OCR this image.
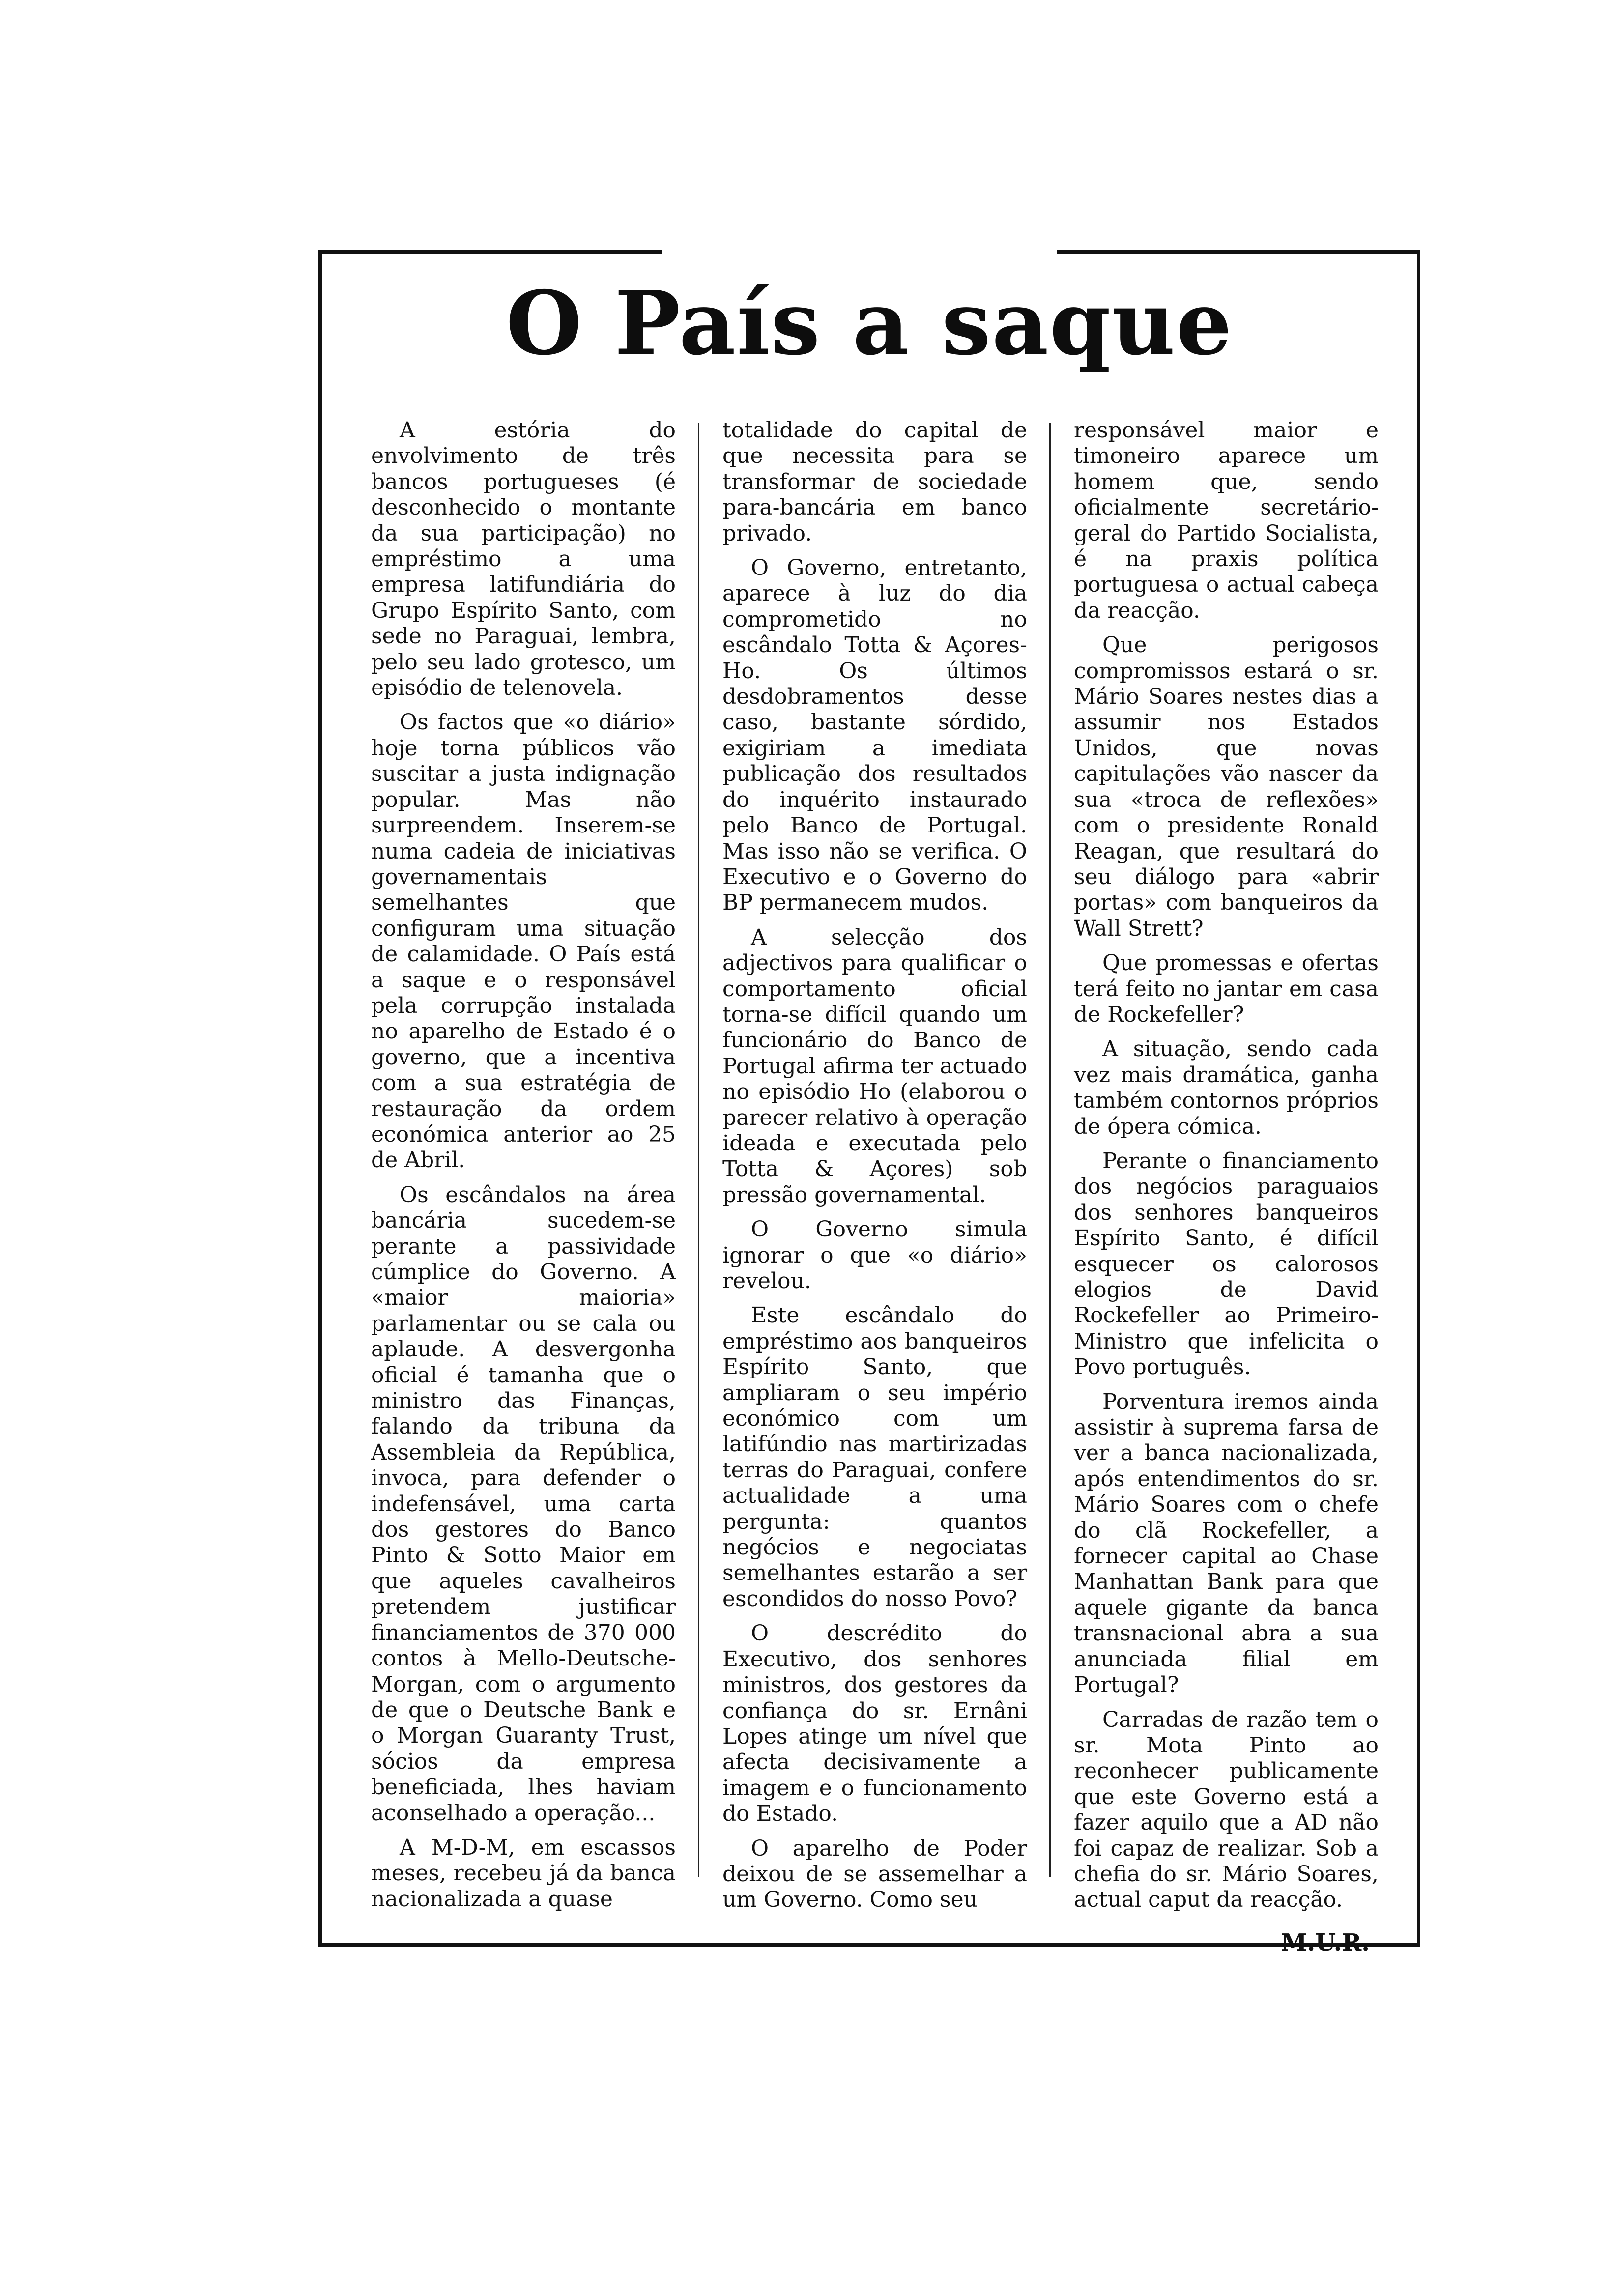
O País a saque

A estória do envolvimento de três bancos portugueses (é desconhecido o montante da sua participação) no empréstimo a uma empresa latifundiária do Grupo Espírito Santo, com sede no Paraguai, lembra, pelo seu lado grotesco, um episódio de telenovela.

Os factos que «o diário» hoje torna públicos vão suscitar a justa indignação popular. Mas não surpreendem. Inserem-se numa cadeia de iniciativas governamentais semelhantes que configuram uma situação de calamidade. O País está a saque e o responsável pela corrupção instalada no aparelho de Estado é o governo, que a incentiva com a sua estratégia de restauração da ordem económica anterior ao 25 de Abril.

Os escândalos na área bancária sucedem-se perante a passividade cúmplice do Governo. A «maior maioria» parlamentar ou se cala ou aplaude. A desvergonha oficial é tamanha que o ministro das Finanças, falando da tribuna da Assembleia da República, invoca, para defender o indefensável, uma carta dos gestores do Banco Pinto & Sotto Maior em que aqueles cavalheiros pretendem justificar financiamentos de 370 000 contos à Mello-Deutsche-Morgan, com o argumento de que o Deutsche Bank e o Morgan Guaranty Trust, sócios da empresa beneficiada, lhes haviam aconselhado a operação...

A M-D-M, em escassos meses, recebeu já da banca nacionalizada a quase

totalidade do capital de que necessita para se transformar de sociedade para-bancária em banco privado.

O Governo, entretanto, aparece à luz do dia comprometido no escândalo Totta & Açores-Ho. Os últimos desdobramentos desse caso, bastante sórdido, exigiriam a imediata publicação dos resultados do inquérito instaurado pelo Banco de Portugal. Mas isso não se verifica. O Executivo e o Governo do BP permanecem mudos.

A selecção dos adjectivos para qualificar o comportamento oficial torna-se difícil quando um funcionário do Banco de Portugal afirma ter actuado no episódio Ho (elaborou o parecer relativo à operação ideada e executada pelo Totta & Açores) sob pressão governamental.

O Governo simula ignorar o que «o diário» revelou.

Este escândalo do empréstimo aos banqueiros Espírito Santo, que ampliaram o seu império económico com um latifúndio nas martirizadas terras do Paraguai, confere actualidade a uma pergunta: quantos negócios e negociatas semelhantes estarão a ser escondidos do nosso Povo?

O descrédito do Executivo, dos senhores ministros, dos gestores da confiança do sr. Ernâni Lopes atinge um nível que afecta decisivamente a imagem e o funcionamento do Estado.

O aparelho de Poder deixou de se assemelhar a um Governo. Como seu

responsável maior e timoneiro aparece um homem que, sendo oficialmente secretário-geral do Partido Socialista, é na praxis política portuguesa o actual cabeça da reacção.

Que perigosos compromissos estará o sr. Mário Soares nestes dias a assumir nos Estados Unidos, que novas capitulações vão nascer da sua «troca de reflexões» com o presidente Ronald Reagan, que resultará do seu diálogo para «abrir portas» com banqueiros da Wall Strett?

Que promessas e ofertas terá feito no jantar em casa de Rockefeller?

A situação, sendo cada vez mais dramática, ganha também contornos próprios de ópera cómica.

Perante o financiamento dos negócios paraguaios dos senhores banqueiros Espírito Santo, é difícil esquecer os calorosos elogios de David Rockefeller ao Primeiro-Ministro que infelicita o Povo português.

Porventura iremos ainda assistir à suprema farsa de ver a banca nacionalizada, após entendimentos do sr. Mário Soares com o chefe do clã Rockefeller, a fornecer capital ao Chase Manhattan Bank para que aquele gigante da banca transnacional abra a sua anunciada filial em Portugal?

Carradas de razão tem o sr. Mota Pinto ao reconhecer publicamente que este Governo está a fazer aquilo que a AD não foi capaz de realizar. Sob a chefia do sr. Mário Soares, actual caput da reacção.

M.U.R.
